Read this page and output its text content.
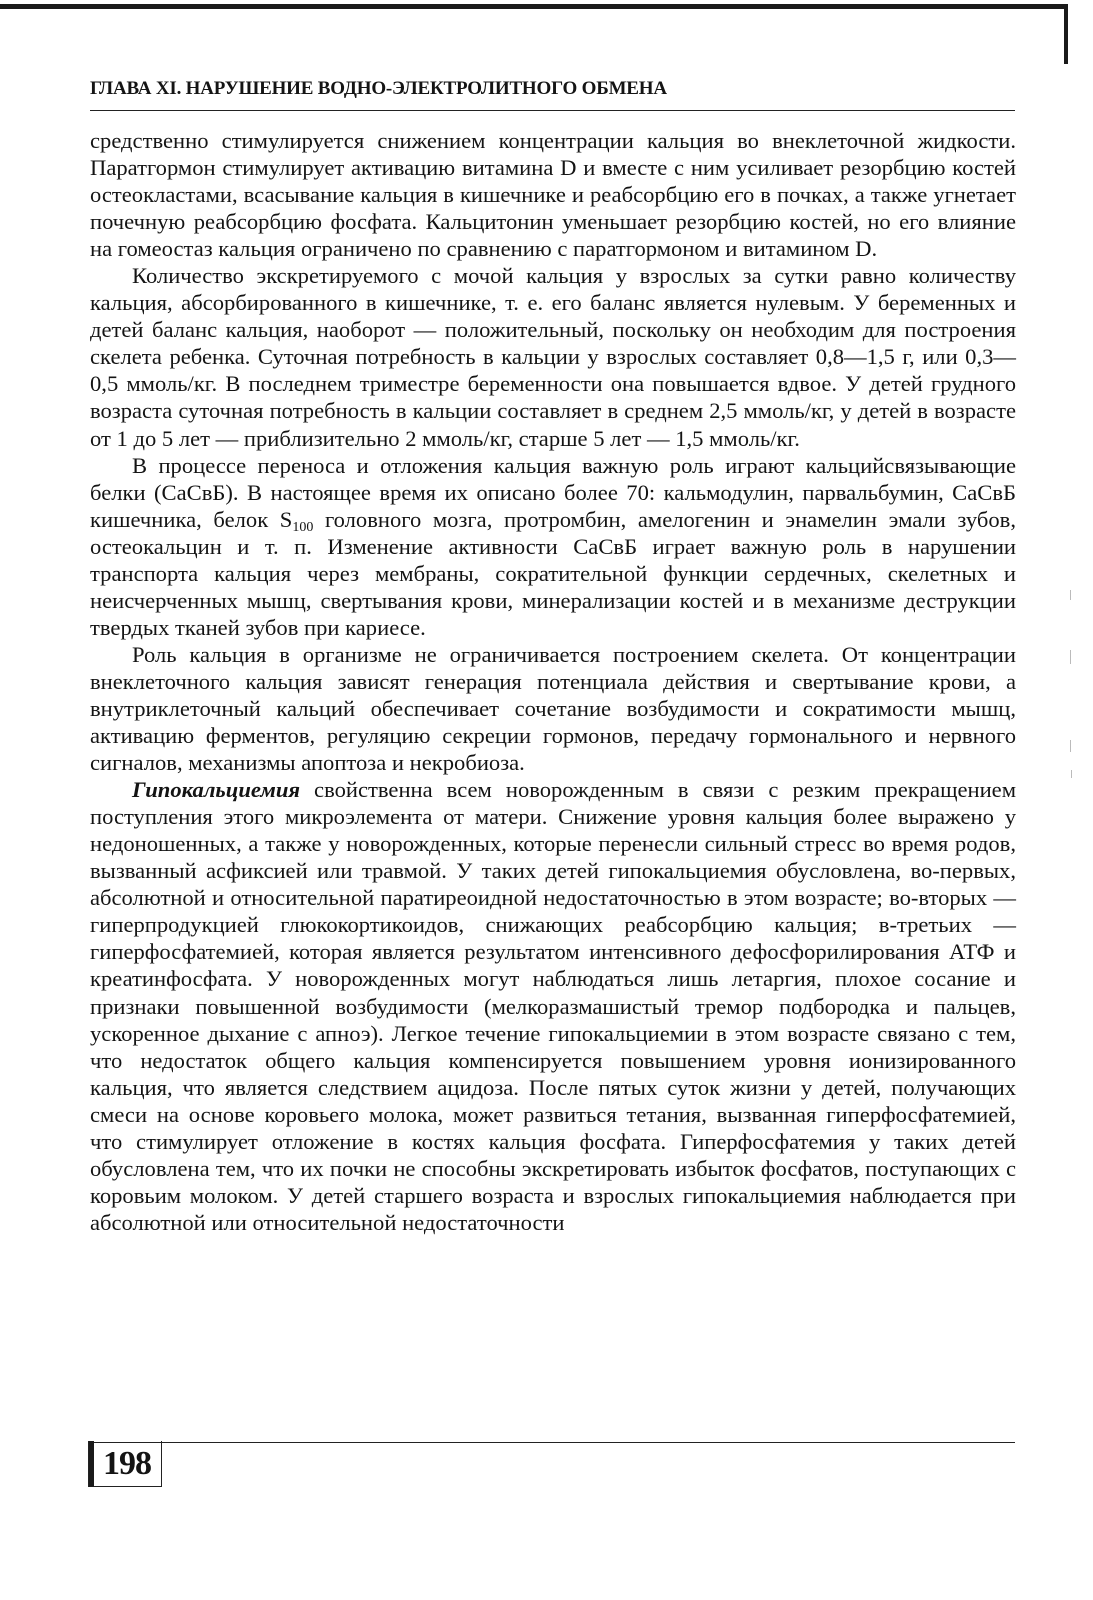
ГЛАВА XI. НАРУШЕНИЕ ВОДНО-ЭЛЕКТРОЛИТНОГО ОБМЕНА

средственно стимулируется снижением концентрации кальция во внеклеточной жидкости. Паратгормон стимулирует активацию витамина D и вместе с ним усиливает резорбцию костей остеокластами, всасывание кальция в кишечнике и реабсорбцию его в почках, а также угнетает почечную реабсорбцию фосфата. Кальцитонин уменьшает резорбцию костей, но его влияние на гомеостаз кальция ограничено по сравнению с паратгормоном и витамином D.

Количество экскретируемого с мочой кальция у взрослых за сутки равно количеству кальция, абсорбированного в кишечнике, т. е. его баланс является нулевым. У беременных и детей баланс кальция, наоборот — положительный, поскольку он необходим для построения скелета ребенка. Суточная потребность в кальции у взрослых составляет 0,8—1,5 г, или 0,3—0,5 ммоль/кг. В последнем триместре беременности она повышается вдвое. У детей грудного возраста суточная потребность в кальции составляет в среднем 2,5 ммоль/кг, у детей в возрасте от 1 до 5 лет — приблизительно 2 ммоль/кг, старше 5 лет — 1,5 ммоль/кг.

В процессе переноса и отложения кальция важную роль играют кальцийсвязывающие белки (CaCвБ). В настоящее время их описано более 70: кальмодулин, парвальбумин, CaCвБ кишечника, белок $S_{100}$ головного мозга, протромбин, амелогенин и энамелин эмали зубов, остеокальцин и т. п. Изменение активности CaCвБ играет важную роль в нарушении транспорта кальция через мембраны, сократительной функции сердечных, скелетных и неисчерченных мышц, свертывания крови, минерализации костей и в механизме деструкции твердых тканей зубов при кариесе.

Роль кальция в организме не ограничивается построением скелета. От концентрации внеклеточного кальция зависят генерация потенциала действия и свертывание крови, а внутриклеточный кальций обеспечивает сочетание возбудимости и сократимости мышц, активацию ферментов, регуляцию секреции гормонов, передачу гормонального и нервного сигналов, механизмы апоптоза и некробиоза.

Гипокальциемия свойственна всем новорожденным в связи с резким прекращением поступления этого микроэлемента от матери. Снижение уровня кальция более выражено у недоношенных, а также у новорожденных, которые перенесли сильный стресс во время родов, вызванный асфиксией или травмой. У таких детей гипокальциемия обусловлена, во-первых, абсолютной и относительной паратиреоидной недостаточностью в этом возрасте; во-вторых — гиперпродукцией глюкокортикоидов, снижающих реабсорбцию кальция; в-третьих — гиперфосфатемией, которая является результатом интенсивного дефосфорилирования АТФ и креатинфосфата. У новорожденных могут наблюдаться лишь летаргия, плохое сосание и признаки повышенной возбудимости (мелкоразмашистый тремор подбородка и пальцев, ускоренное дыхание с апноэ). Легкое течение гипокальциемии в этом возрасте связано с тем, что недостаток общего кальция компенсируется повышением уровня ионизированного кальция, что является следствием ацидоза. После пятых суток жизни у детей, получающих смеси на основе коровьего молока, может развиться тетания, вызванная гиперфосфатемией, что стимулирует отложение в костях кальция фосфата. Гиперфосфатемия у таких детей обусловлена тем, что их почки не способны экскретировать избыток фосфатов, поступающих с коровьим молоком. У детей старшего возраста и взрослых гипокальциемия наблюдается при абсолютной или относительной недостаточности

198
